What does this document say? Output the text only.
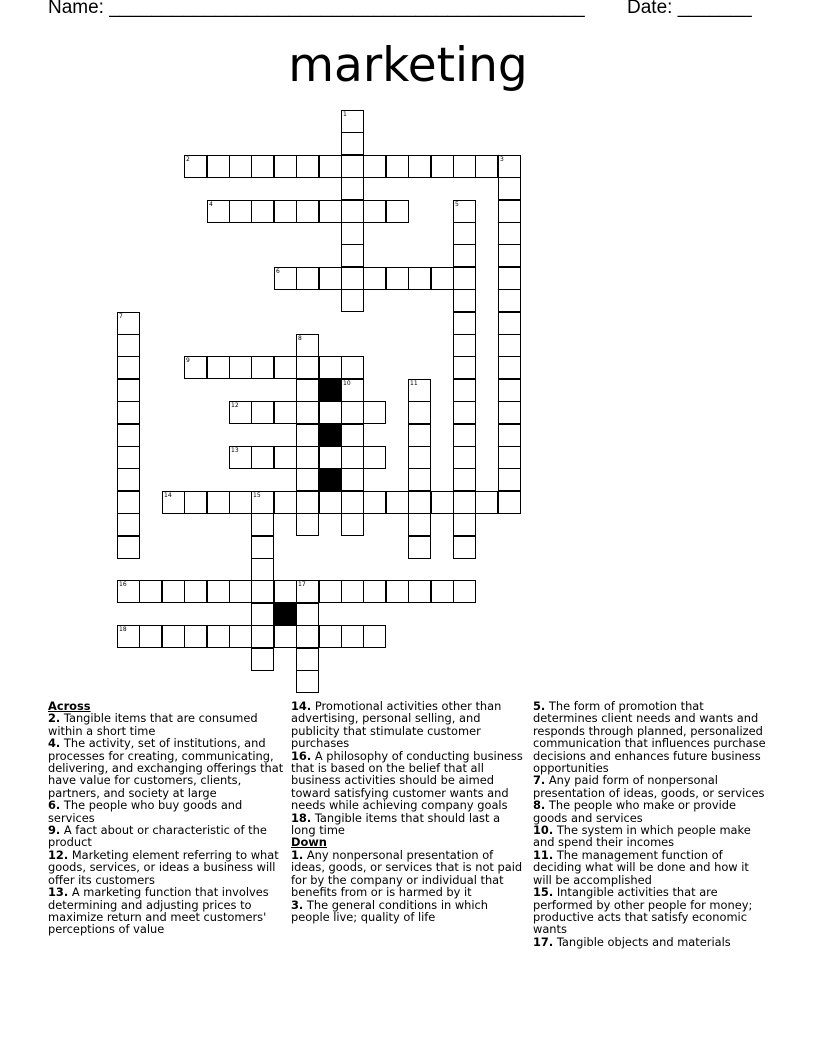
Name: _____________________________________________ Date: _______
marketing
1
2	3
4	5
6
7
8
9
10	11
12
13
14	15
16	17
18
Across
2. Tangible items that are consumed within a short time
4. The activity, set of institutions, and processes for creating, communicating, delivering, and exchanging offerings that have value for customers, clients, partners, and society at large
6. The people who buy goods and services
9. A fact about or characteristic of the product
12. Marketing element referring to what goods, services, or ideas a business will offer its customers
13. A marketing function that involves determining and adjusting prices to maximize return and meet customers' perceptions of value
14. Promotional activities other than advertising, personal selling, and publicity that stimulate customer purchases
16. A philosophy of conducting business that is based on the belief that all business activities should be aimed toward satisfying customer wants and needs while achieving company goals
18. Tangible items that should last a long time
Down
1. Any nonpersonal presentation of ideas, goods, or services that is not paid for by the company or individual that benefits from or is harmed by it
3. The general conditions in which people live; quality of life
5. The form of promotion that determines client needs and wants and responds through planned, personalized communication that influences purchase decisions and enhances future business opportunities
7. Any paid form of nonpersonal presentation of ideas, goods, or services
8. The people who make or provide goods and services
10. The system in which people make and spend their incomes
11. The management function of deciding what will be done and how it will be accomplished
15. Intangible activities that are performed by other people for money; productive acts that satisfy economic wants
17. Tangible objects and materials
